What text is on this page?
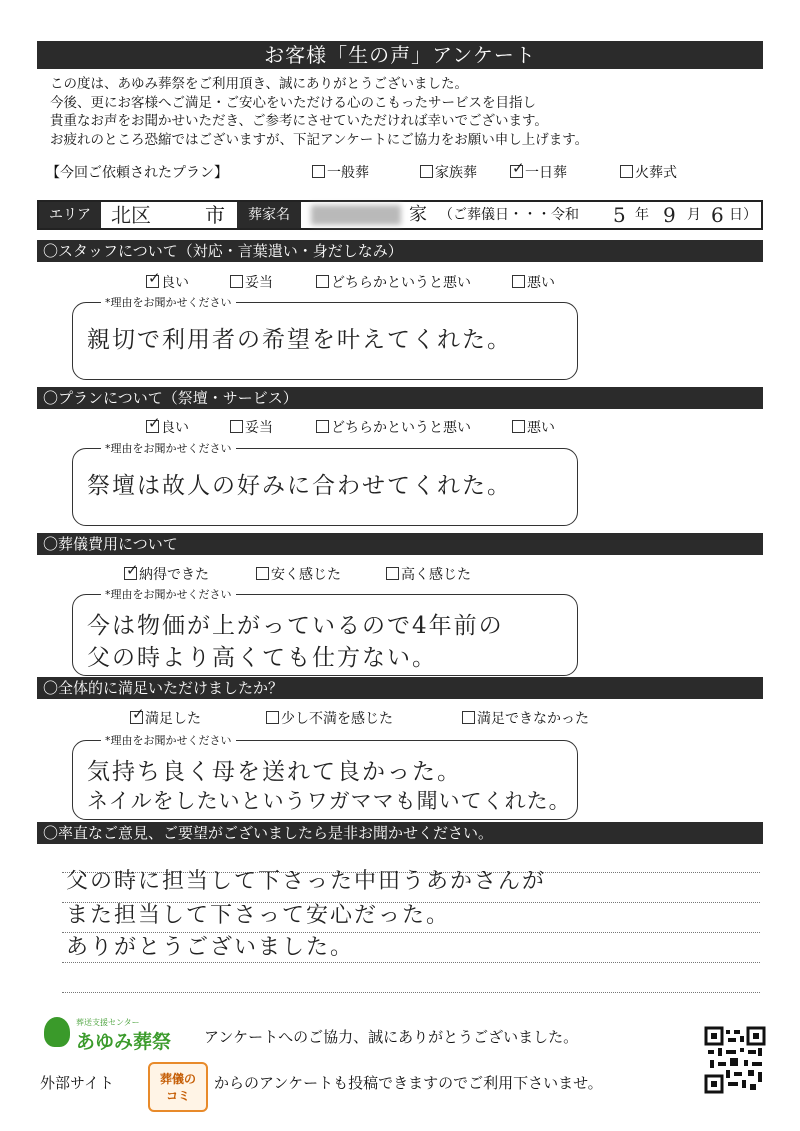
お客様「生の声」アンケート
この度は、あゆみ葬祭をご利用頂き、誠にありがとうございました。
今後、更にお客様へご満足・ご安心をいただける心のこもったサービスを目指し
貴重なお声をお聞かせいただき、ご参考にさせていただければ幸いでございます。
お疲れのところ恐縮ではございますが、下記アンケートにご協力をお願い申し上げます。
【今回ご依頼されたプラン】	一般葬	家族葬 ✓ 一日葬	火葬式
エリア	北区	市	葬家名	家 （ご葬儀日・・・令和 5 年 9 月 6 日）
〇スタッフについて（対応・言葉遣い・身だしなみ）
✓ 良い	妥当	どちらかというと悪い	悪い
*理由をお聞かせください
親切で利用者の希望を叶えてくれた。
〇プランについて（祭壇・サービス）
✓ 良い	妥当	どちらかというと悪い	悪い
*理由をお聞かせください
祭壇は故人の好みに合わせてくれた。
〇葬儀費用について
✓ 納得できた	安く感じた	高く感じた
*理由をお聞かせください
今は物価が上がっているので4年前の
父の時より高くても仕方ない。
〇全体的に満足いただけましたか？
✓ 満足した	少し不満を感じた	満足できなかった
*理由をお聞かせください
気持ち良く母を送れて良かった。
ネイルをしたいというワガママも聞いてくれた。
〇率直なご意見、ご要望がございましたら是非お聞かせください。
父の時に担当して下さった中田うあかさんが
また担当して下さって安心だった。
ありがとうございました。
葬送支援センター
あゆみ葬祭 アンケートへのご協力、誠にありがとうございました。
外部サイト	葬儀の
コミ
からのアンケートも投稿できますのでご利用下さいませ。
